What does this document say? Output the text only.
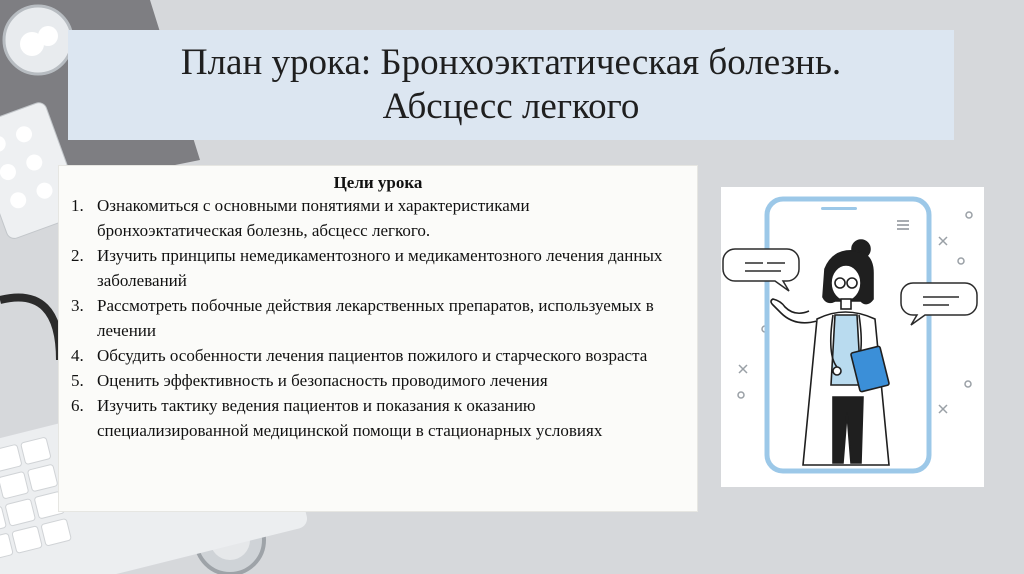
План урока: Бронхоэктатическая болезнь.
Абсцесс легкого
Цели урока
1. Ознакомиться с основными понятиями и характеристиками бронхоэктатическая болезнь, абсцесс легкого.
2. Изучить принципы немедикаментозного и медикаментозного лечения данных заболеваний
3. Рассмотреть побочные действия лекарственных препаратов, используемых в лечении
4. Обсудить особенности лечения пациентов пожилого и старческого возраста
5. Оценить эффективность и безопасность проводимого лечения
6. Изучить тактику ведения пациентов и показания к оказанию специализированной медицинской помощи в стационарных условиях
